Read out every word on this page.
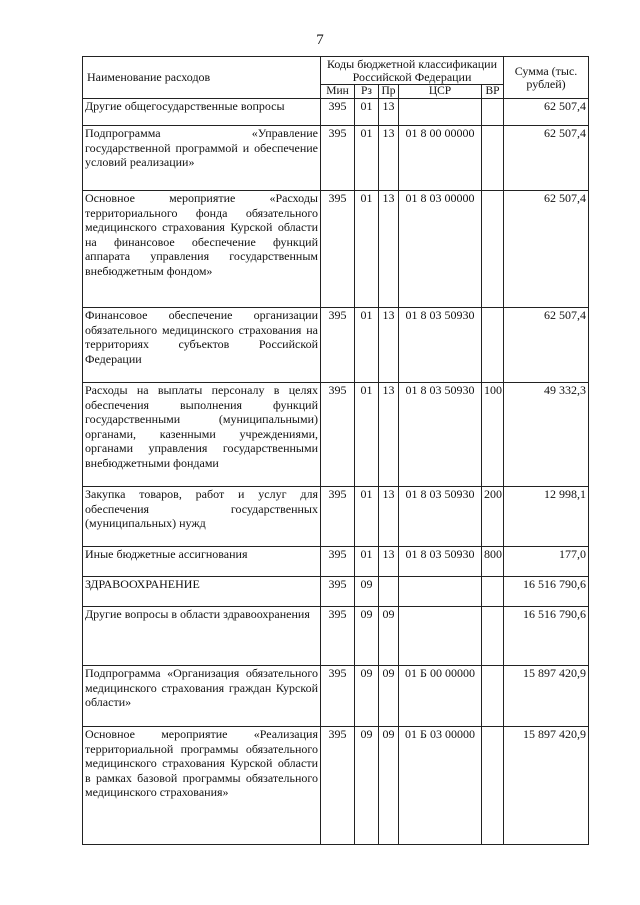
7
Наименование расходов	Коды бюджетной классификации Российской Федерации					Сумма (тыс. рублей)
	Мин	Рз	Пр	ЦСР	ВР	
Другие общегосударственные вопросы	395	01	13			62 507,4
Подпрограмма «Управление государственной программой и обеспечение условий реализации»	395	01	13	01 8 00 00000		62 507,4
Основное мероприятие «Расходы территориального фонда обязательного медицинского страхования Курской области на финансовое обеспечение функций аппарата управления государственным внебюджетным фондом»	395	01	13	01 8 03 00000		62 507,4
Финансовое обеспечение организации обязательного медицинского страхования на территориях субъектов Российской Федерации	395	01	13	01 8 03 50930		62 507,4
Расходы на выплаты персоналу в целях обеспечения выполнения функций государственными (муниципальными) органами, казенными учреждениями, органами управления государственными внебюджетными фондами	395	01	13	01 8 03 50930	100	49 332,3
Закупка товаров, работ и услуг для обеспечения государственных (муниципальных) нужд	395	01	13	01 8 03 50930	200	12 998,1
Иные бюджетные ассигнования	395	01	13	01 8 03 50930	800	177,0
ЗДРАВООХРАНЕНИЕ	395	09				16 516 790,6
Другие вопросы в области здравоохранения	395	09	09			16 516 790,6
Подпрограмма «Организация обязательного медицинского страхования граждан Курской области»	395	09	09	01 Б 00 00000		15 897 420,9
Основное мероприятие «Реализация территориальной программы обязательного медицинского страхования Курской области в рамках базовой программы обязательного медицинского страхования»	395	09	09	01 Б 03 00000		15 897 420,9
